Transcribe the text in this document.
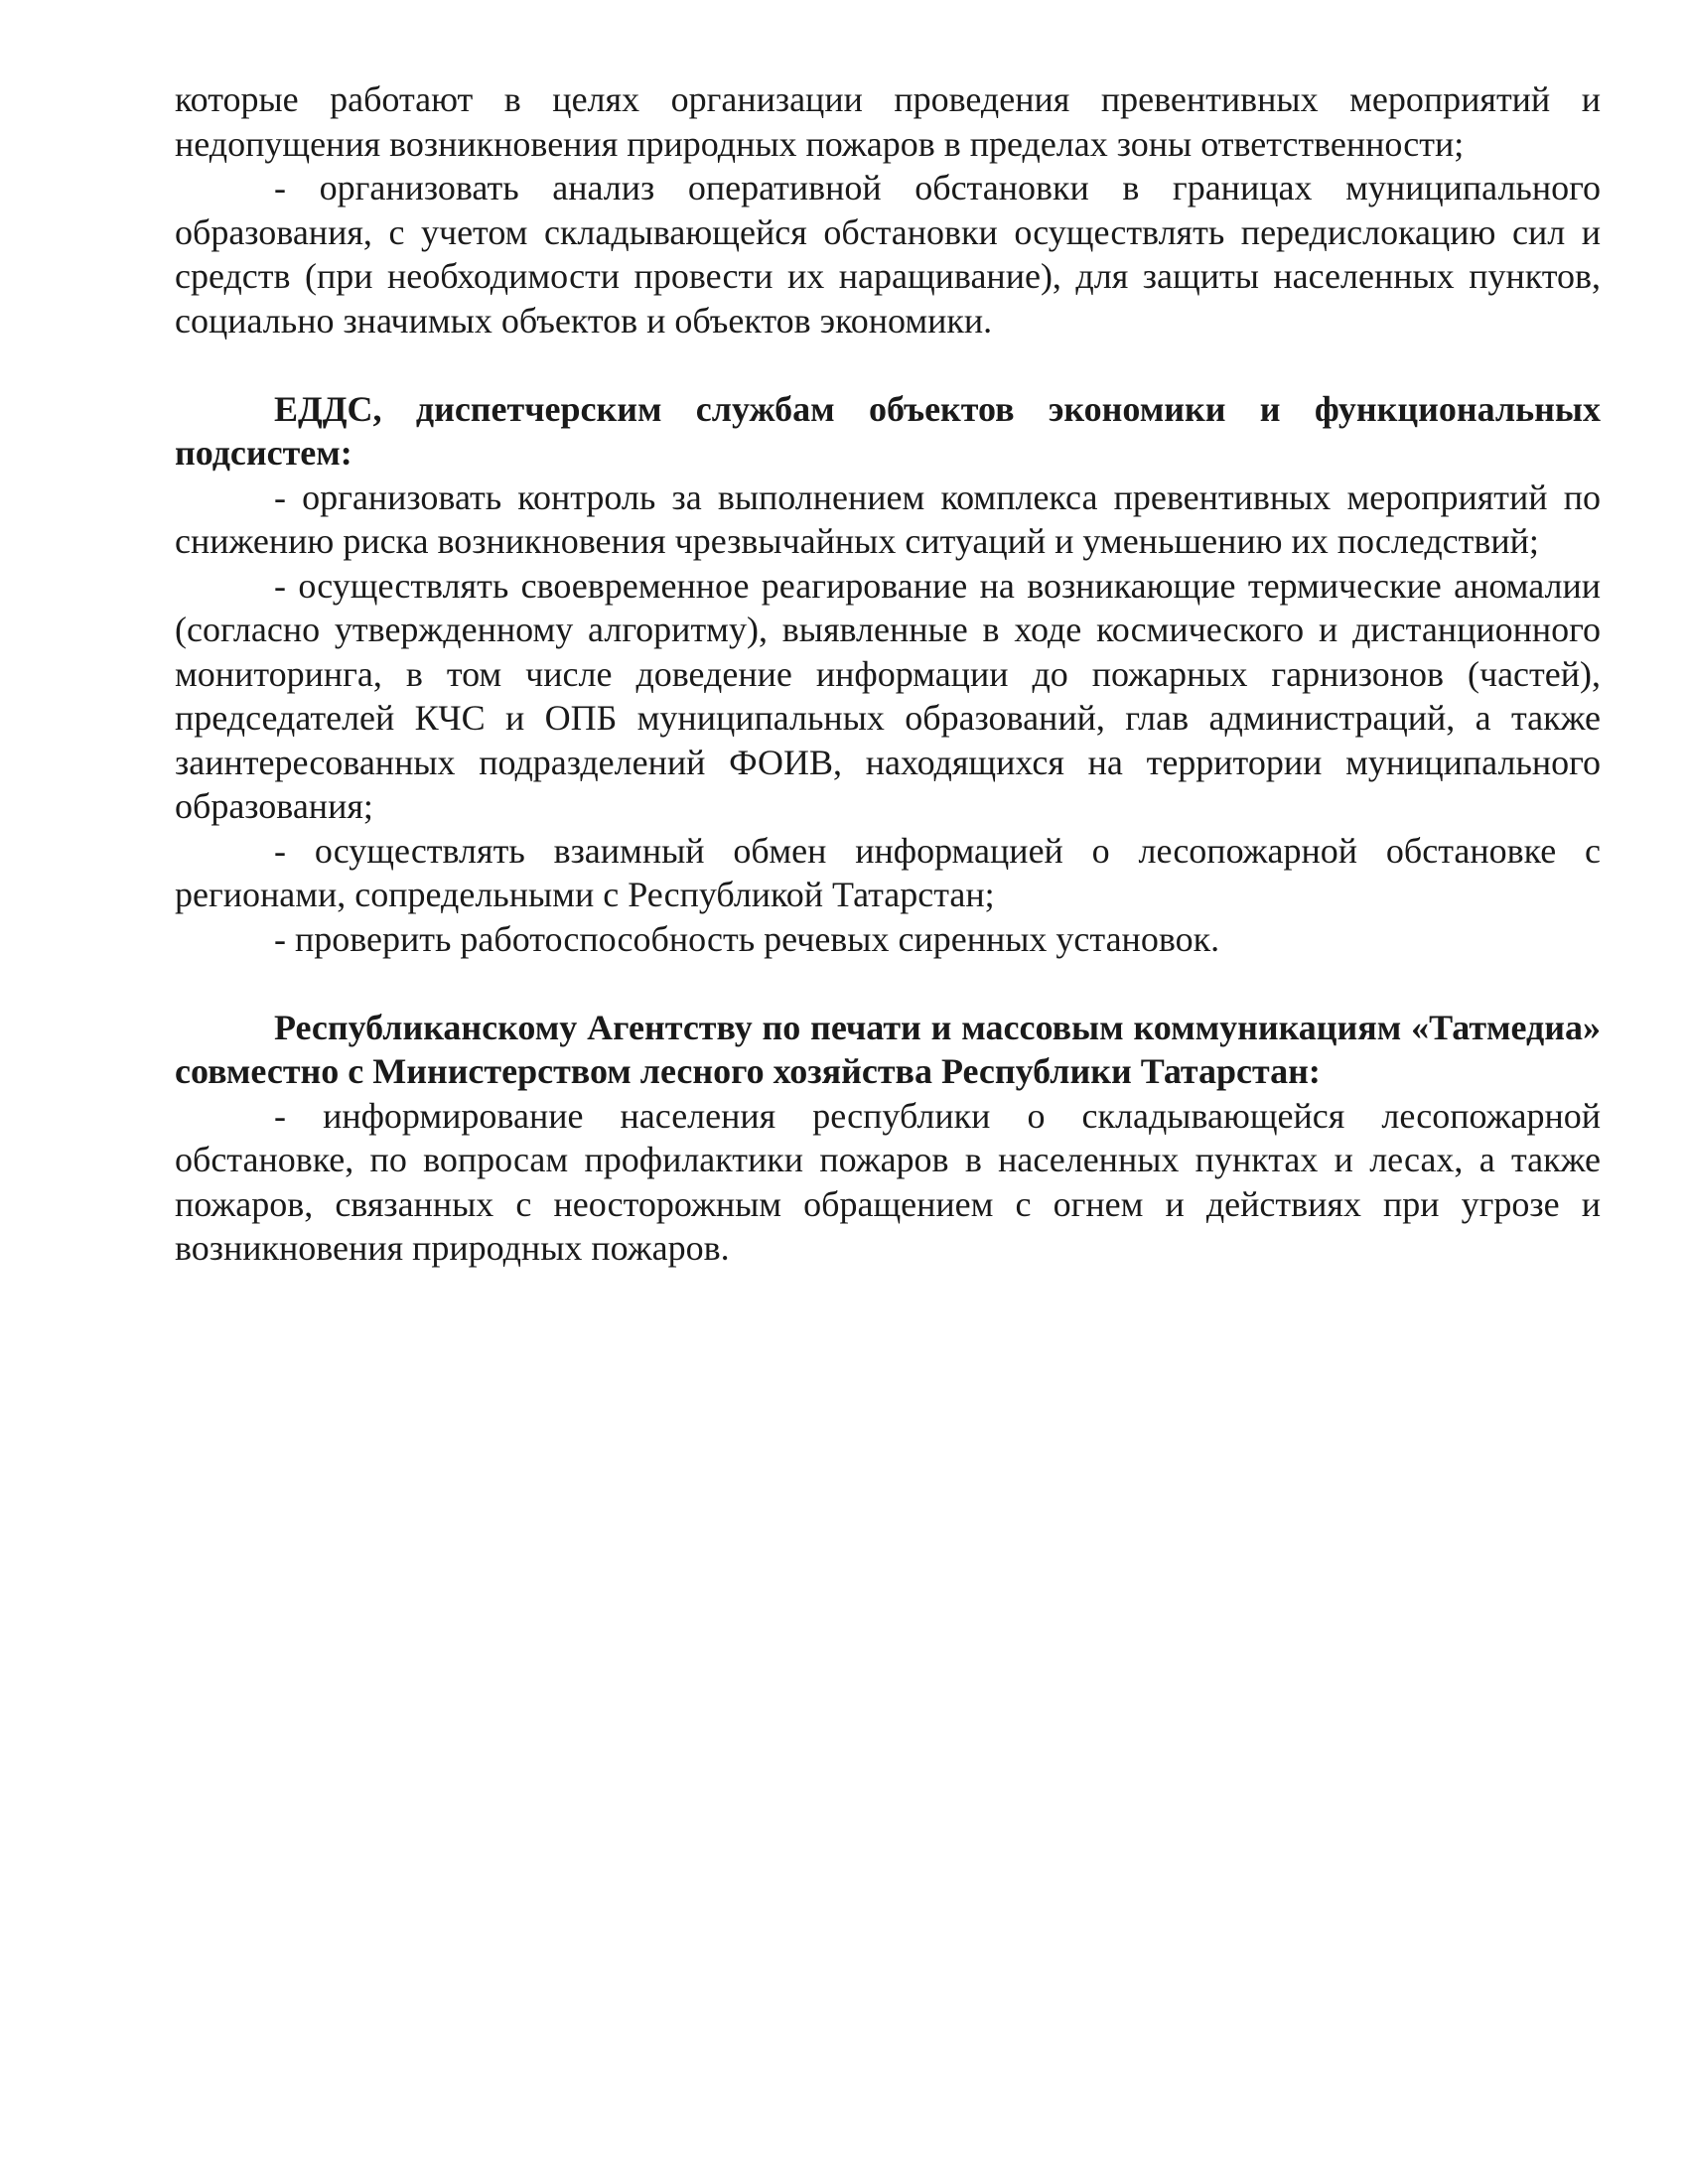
которые работают в целях организации проведения превентивных мероприятий и недопущения возникновения природных пожаров в пределах зоны ответственности;

- организовать анализ оперативной обстановки в границах муниципального образования, с учетом складывающейся обстановки осуществлять передислокацию сил и средств (при необходимости провести их наращивание), для защиты населенных пунктов, социально значимых объектов и объектов экономики.

ЕДДС, диспетчерским службам объектов экономики и функциональных подсистем:

- организовать контроль за выполнением комплекса превентивных мероприятий по снижению риска возникновения чрезвычайных ситуаций и уменьшению их последствий;

- осуществлять своевременное реагирование на возникающие термические аномалии (согласно утвержденному алгоритму), выявленные в ходе космического и дистанционного мониторинга, в том числе доведение информации до пожарных гарнизонов (частей), председателей КЧС и ОПБ муниципальных образований, глав администраций, а также заинтересованных подразделений ФОИВ, находящихся на территории муниципального образования;

- осуществлять взаимный обмен информацией о лесопожарной обстановке с регионами, сопредельными с Республикой Татарстан;

- проверить работоспособность речевых сиренных установок.

Республиканскому Агентству по печати и массовым коммуникациям «Татмедиа» совместно с Министерством лесного хозяйства Республики Татарстан:

- информирование населения республики о складывающейся лесопожарной обстановке, по вопросам профилактики пожаров в населенных пунктах и лесах, а также пожаров, связанных с неосторожным обращением с огнем и действиях при угрозе и возникновения природных пожаров.
